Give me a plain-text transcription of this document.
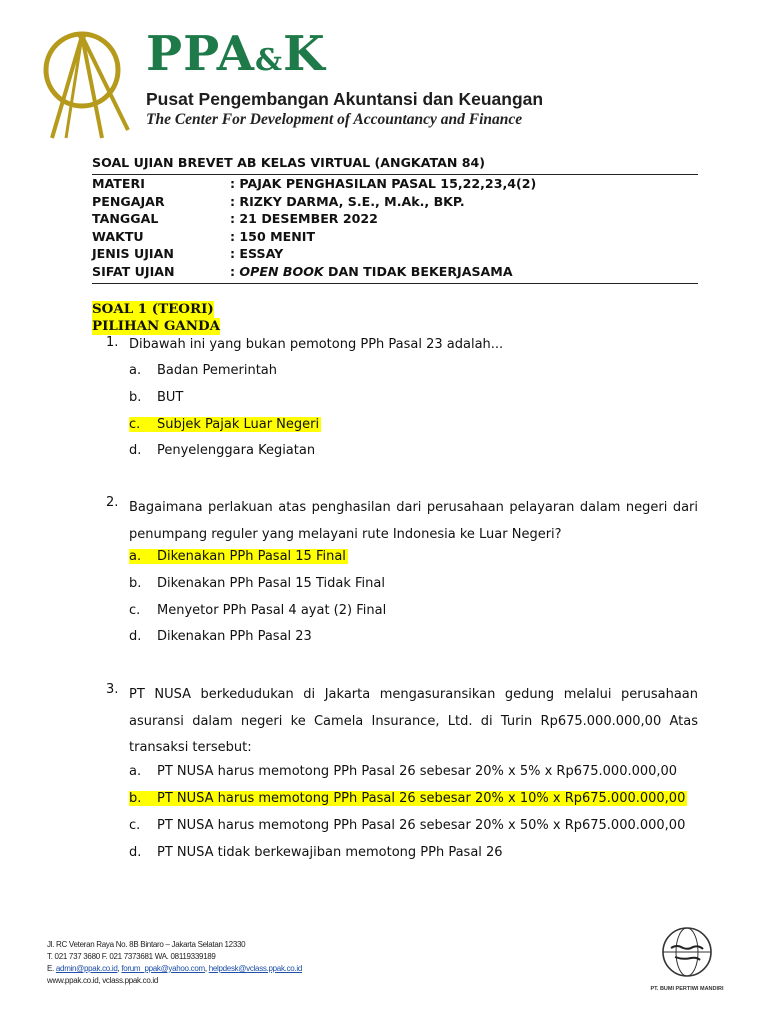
PPA&K
Pusat Pengembangan Akuntansi dan Keuangan
The Center For Development of Accountancy and Finance
SOAL UJIAN BREVET AB KELAS VIRTUAL (ANGKATAN 84)
MATERI	: PAJAK PENGHASILAN PASAL 15,22,23,4(2)
PENGAJAR	: RIZKY DARMA, S.E., M.Ak., BKP.
TANGGAL	: 21 DESEMBER 2022
WAKTU	: 150 MENIT
JENIS UJIAN	: ESSAY
SIFAT UJIAN	: OPEN BOOK DAN TIDAK BEKERJASAMA
SOAL 1 (TEORI)
PILIHAN GANDA
1. Dibawah ini yang bukan pemotong PPh Pasal 23 adalah...
a. Badan Pemerintah
b. BUT
c. Subjek Pajak Luar Negeri
d. Penyelenggara Kegiatan
2. Bagaimana perlakuan atas penghasilan dari perusahaan pelayaran dalam negeri dari penumpang reguler yang melayani rute Indonesia ke Luar Negeri?
a. Dikenakan PPh Pasal 15 Final
b. Dikenakan PPh Pasal 15 Tidak Final
c. Menyetor PPh Pasal 4 ayat (2) Final
d. Dikenakan PPh Pasal 23
3. PT NUSA berkedudukan di Jakarta mengasuransikan gedung melalui perusahaan asuransi dalam negeri ke Camela Insurance, Ltd. di Turin Rp675.000.000,00 Atas transaksi tersebut:
a. PT NUSA harus memotong PPh Pasal 26 sebesar 20% x 5% x Rp675.000.000,00
b. PT NUSA harus memotong PPh Pasal 26 sebesar 20% x 10% x Rp675.000.000,00
c. PT NUSA harus memotong PPh Pasal 26 sebesar 20% x 50% x Rp675.000.000,00
d. PT NUSA tidak berkewajiban memotong PPh Pasal 26
Jl. RC Veteran Raya No. 8B Bintaro – Jakarta Selatan 12330
T. 021 737 3680 F. 021 7373681 WA. 08119339189
E. admin@ppak.co.id, forum_ppak@yahoo.com, helpdesk@vclass.ppak.co.id
www.ppak.co.id, vclass.ppak.co.id
PT. BUMI PERTIWI MANDIRI
